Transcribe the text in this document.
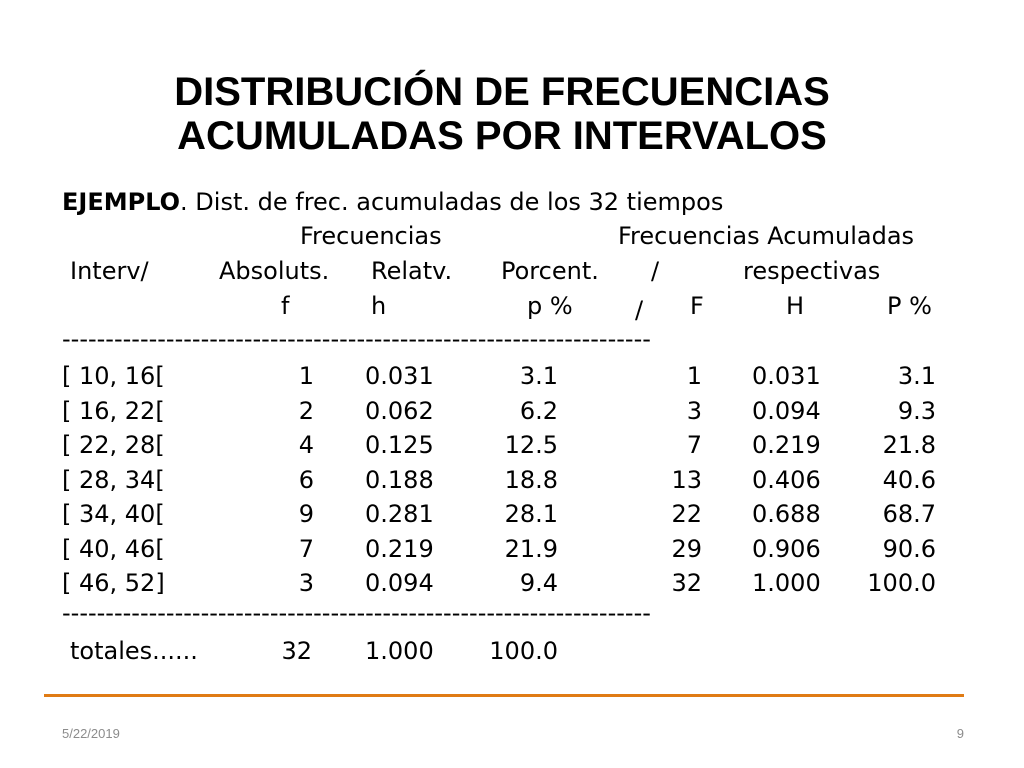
DISTRIBUCIÓN DE FRECUENCIAS
ACUMULADAS POR INTERVALOS
EJEMPLO. Dist. de frec. acumuladas de los 32 tiempos
Frecuencias	Frecuencias Acumuladas
Interv/	Absoluts. Relatv. Porcent. /	respectivas
f	h	p %	/ F	H	P %
--------------------------------------------------------------------
[ 10, 16[	1 0.031	3.1	1 0.031	3.1
[ 16, 22[	2 0.062	6.2	3 0.094	9.3
[ 22, 28[	4 0.125	12.5	7 0.219	21.8
[ 28, 34[	6 0.188	18.8	13 0.406	40.6
[ 34, 40[	9 0.281	28.1	22 0.688	68.7
[ 40, 46[	7 0.219	21.9	29 0.906	90.6
[ 46, 52]	3 0.094	9.4	32 1.000	100.0
--------------------------------------------------------------------
totales......	32 1.000	100.0
5/22/2019	9
